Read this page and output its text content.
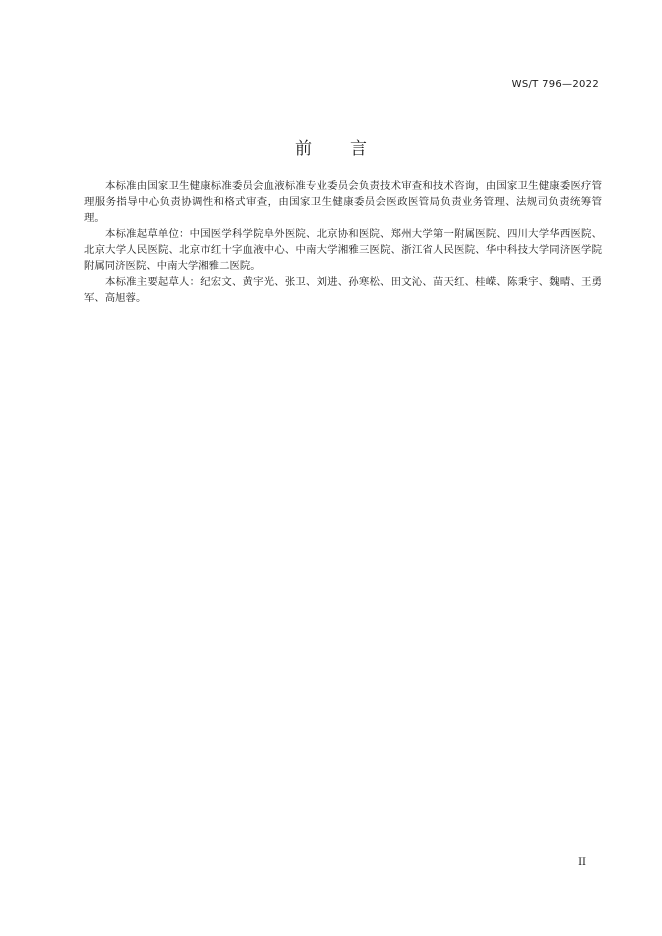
WS/T 796—2022
前言

本标准由国家卫生健康标准委员会血液标准专业委员会负责技术审查和技术咨询，由国家卫生健康委医疗管理服务指导中心负责协调性和格式审查，由国家卫生健康委员会医政医管局负责业务管理、法规司负责统筹管理。

本标准起草单位：中国医学科学院阜外医院、北京协和医院、郑州大学第一附属医院、四川大学华西医院、北京大学人民医院、北京市红十字血液中心、中南大学湘雅三医院、浙江省人民医院、华中科技大学同济医学院附属同济医院、中南大学湘雅二医院。

本标准主要起草人：纪宏文、黄宇光、张卫、刘进、孙寒松、田文沁、苗天红、桂嵘、陈秉宇、魏晴、王勇军、高旭蓉。

II
